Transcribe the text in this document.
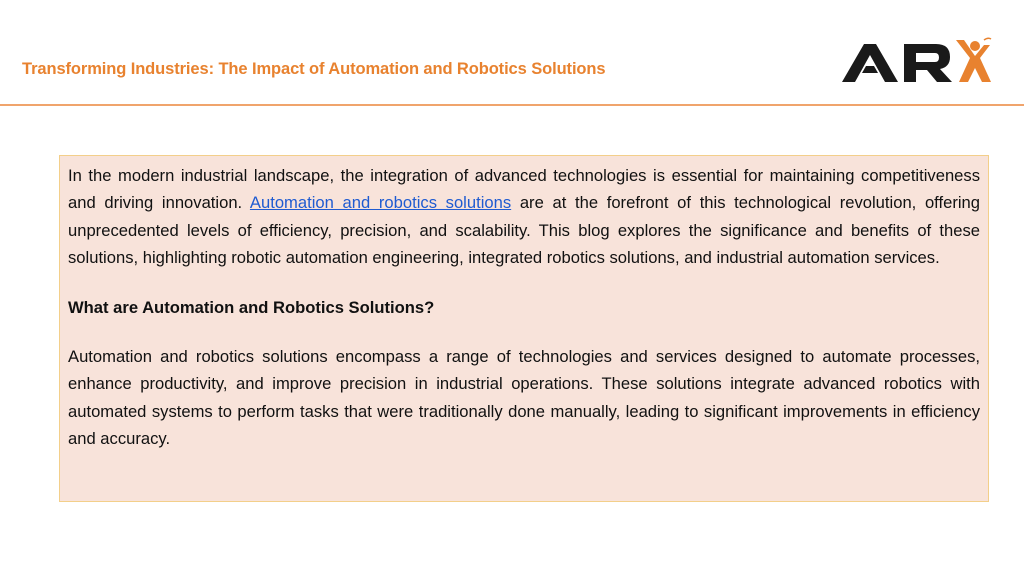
Transforming Industries: The Impact of Automation and Robotics Solutions

In the modern industrial landscape, the integration of advanced technologies is essential for maintaining competitiveness and driving innovation. Automation and robotics solutions are at the forefront of this technological revolution, offering unprecedented levels of efficiency, precision, and scalability. This blog explores the significance and benefits of these solutions, highlighting robotic automation engineering, integrated robotics solutions, and industrial automation services.

What are Automation and Robotics Solutions?

Automation and robotics solutions encompass a range of technologies and services designed to automate processes, enhance productivity, and improve precision in industrial operations. These solutions integrate advanced robotics with automated systems to perform tasks that were traditionally done manually, leading to significant improvements in efficiency and accuracy.
